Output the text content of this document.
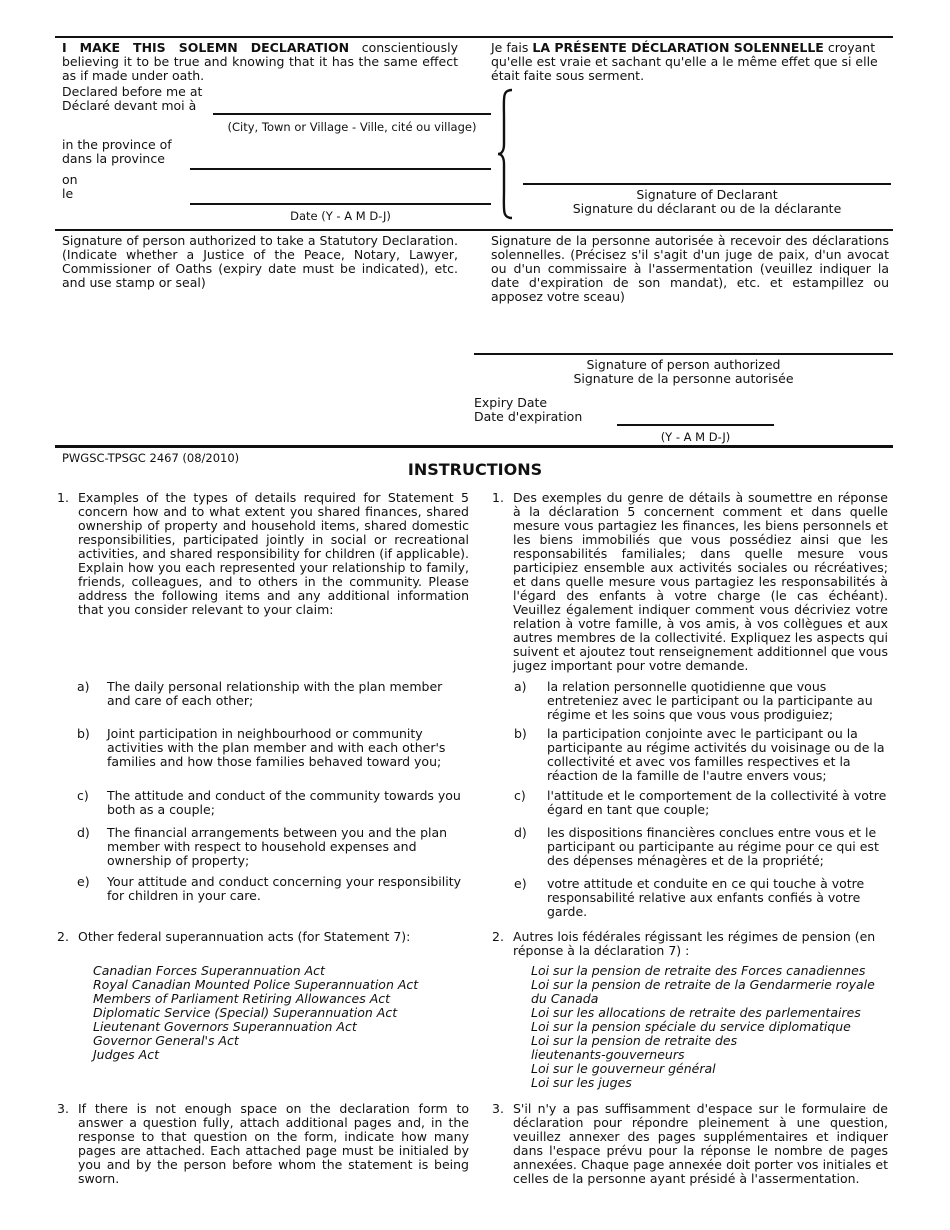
I MAKE THIS SOLEMN DECLARATION conscientiously believing it to be true and knowing that it has the same effect as if made under oath.
Je fais LA PRÉSENTE DÉCLARATION SOLENNELLE croyant qu'elle est vraie et sachant qu'elle a le même effet que si elle était faite sous serment.
Declared before me at
Déclaré devant moi à
(City, Town or Village - Ville, cité ou village)
in the province of
dans la province
on
le
Date (Y - A M D-J)
Signature of Declarant
Signature du déclarant ou de la déclarante
Signature of person authorized to take a Statutory Declaration. (Indicate whether a Justice of the Peace, Notary, Lawyer, Commissioner of Oaths (expiry date must be indicated), etc. and use stamp or seal)
Signature de la personne autorisée à recevoir des déclarations solennelles. (Précisez s'il s'agit d'un juge de paix, d'un avocat ou d'un commissaire à l'assermentation (veuillez indiquer la date d'expiration de son mandat), etc. et estampillez ou apposez votre sceau)
Signature of person authorized
Signature de la personne autorisée
Expiry Date
Date d'expiration
(Y - A M D-J)
PWGSC-TPSGC 2467 (08/2010)
INSTRUCTIONS
1. Examples of the types of details required for Statement 5 concern how and to what extent you shared finances, shared ownership of property and household items, shared domestic responsibilities, participated jointly in social or recreational activities, and shared responsibility for children (if applicable). Explain how you each represented your relationship to family, friends, colleagues, and to others in the community. Please address the following items and any additional information that you consider relevant to your claim:
a) The daily personal relationship with the plan member and care of each other;
b) Joint participation in neighbourhood or community activities with the plan member and with each other's families and how those families behaved toward you;
c) The attitude and conduct of the community towards you both as a couple;
d) The financial arrangements between you and the plan member with respect to household expenses and ownership of property;
e) Your attitude and conduct concerning your responsibility for children in your care.
2. Other federal superannuation acts (for Statement 7):
Canadian Forces Superannuation Act
Royal Canadian Mounted Police Superannuation Act
Members of Parliament Retiring Allowances Act
Diplomatic Service (Special) Superannuation Act
Lieutenant Governors Superannuation Act
Governor General's Act
Judges Act
3. If there is not enough space on the declaration form to answer a question fully, attach additional pages and, in the response to that question on the form, indicate how many pages are attached. Each attached page must be initialed by you and by the person before whom the statement is being sworn.
1. Des exemples du genre de détails à soumettre en réponse à la déclaration 5 concernent comment et dans quelle mesure vous partagiez les finances, les biens personnels et les biens immobiliés que vous possédiez ainsi que les responsabilités familiales; dans quelle mesure vous participiez ensemble aux activités sociales ou récréatives; et dans quelle mesure vous partagiez les responsabilités à l'égard des enfants à votre charge (le cas échéant). Veuillez également indiquer comment vous décriviez votre relation à votre famille, à vos amis, à vos collègues et aux autres membres de la collectivité. Expliquez les aspects qui suivent et ajoutez tout renseignement additionnel que vous jugez important pour votre demande.
a) la relation personnelle quotidienne que vous entreteniez avec le participant ou la participante au régime et les soins que vous vous prodiguiez;
b) la participation conjointe avec le participant ou la participante au régime activités du voisinage ou de la collectivité et avec vos familles respectives et la réaction de la famille de l'autre envers vous;
c) l'attitude et le comportement de la collectivité à votre égard en tant que couple;
d) les dispositions financières conclues entre vous et le participant ou participante au régime pour ce qui est des dépenses ménagères et de la propriété;
e) votre attitude et conduite en ce qui touche à votre responsabilité relative aux enfants confiés à votre garde.
2. Autres lois fédérales régissant les régimes de pension (en réponse à la déclaration 7) :
Loi sur la pension de retraite des Forces canadiennes
Loi sur la pension de retraite de la Gendarmerie royale du Canada
Loi sur les allocations de retraite des parlementaires
Loi sur la pension spéciale du service diplomatique
Loi sur la pension de retraite des lieutenants-gouverneurs
Loi sur le gouverneur général
Loi sur les juges
3. S'il n'y a pas suffisamment d'espace sur le formulaire de déclaration pour répondre pleinement à une question, veuillez annexer des pages supplémentaires et indiquer dans l'espace prévu pour la réponse le nombre de pages annexées. Chaque page annexée doit porter vos initiales et celles de la personne ayant présidé à l'assermentation.
